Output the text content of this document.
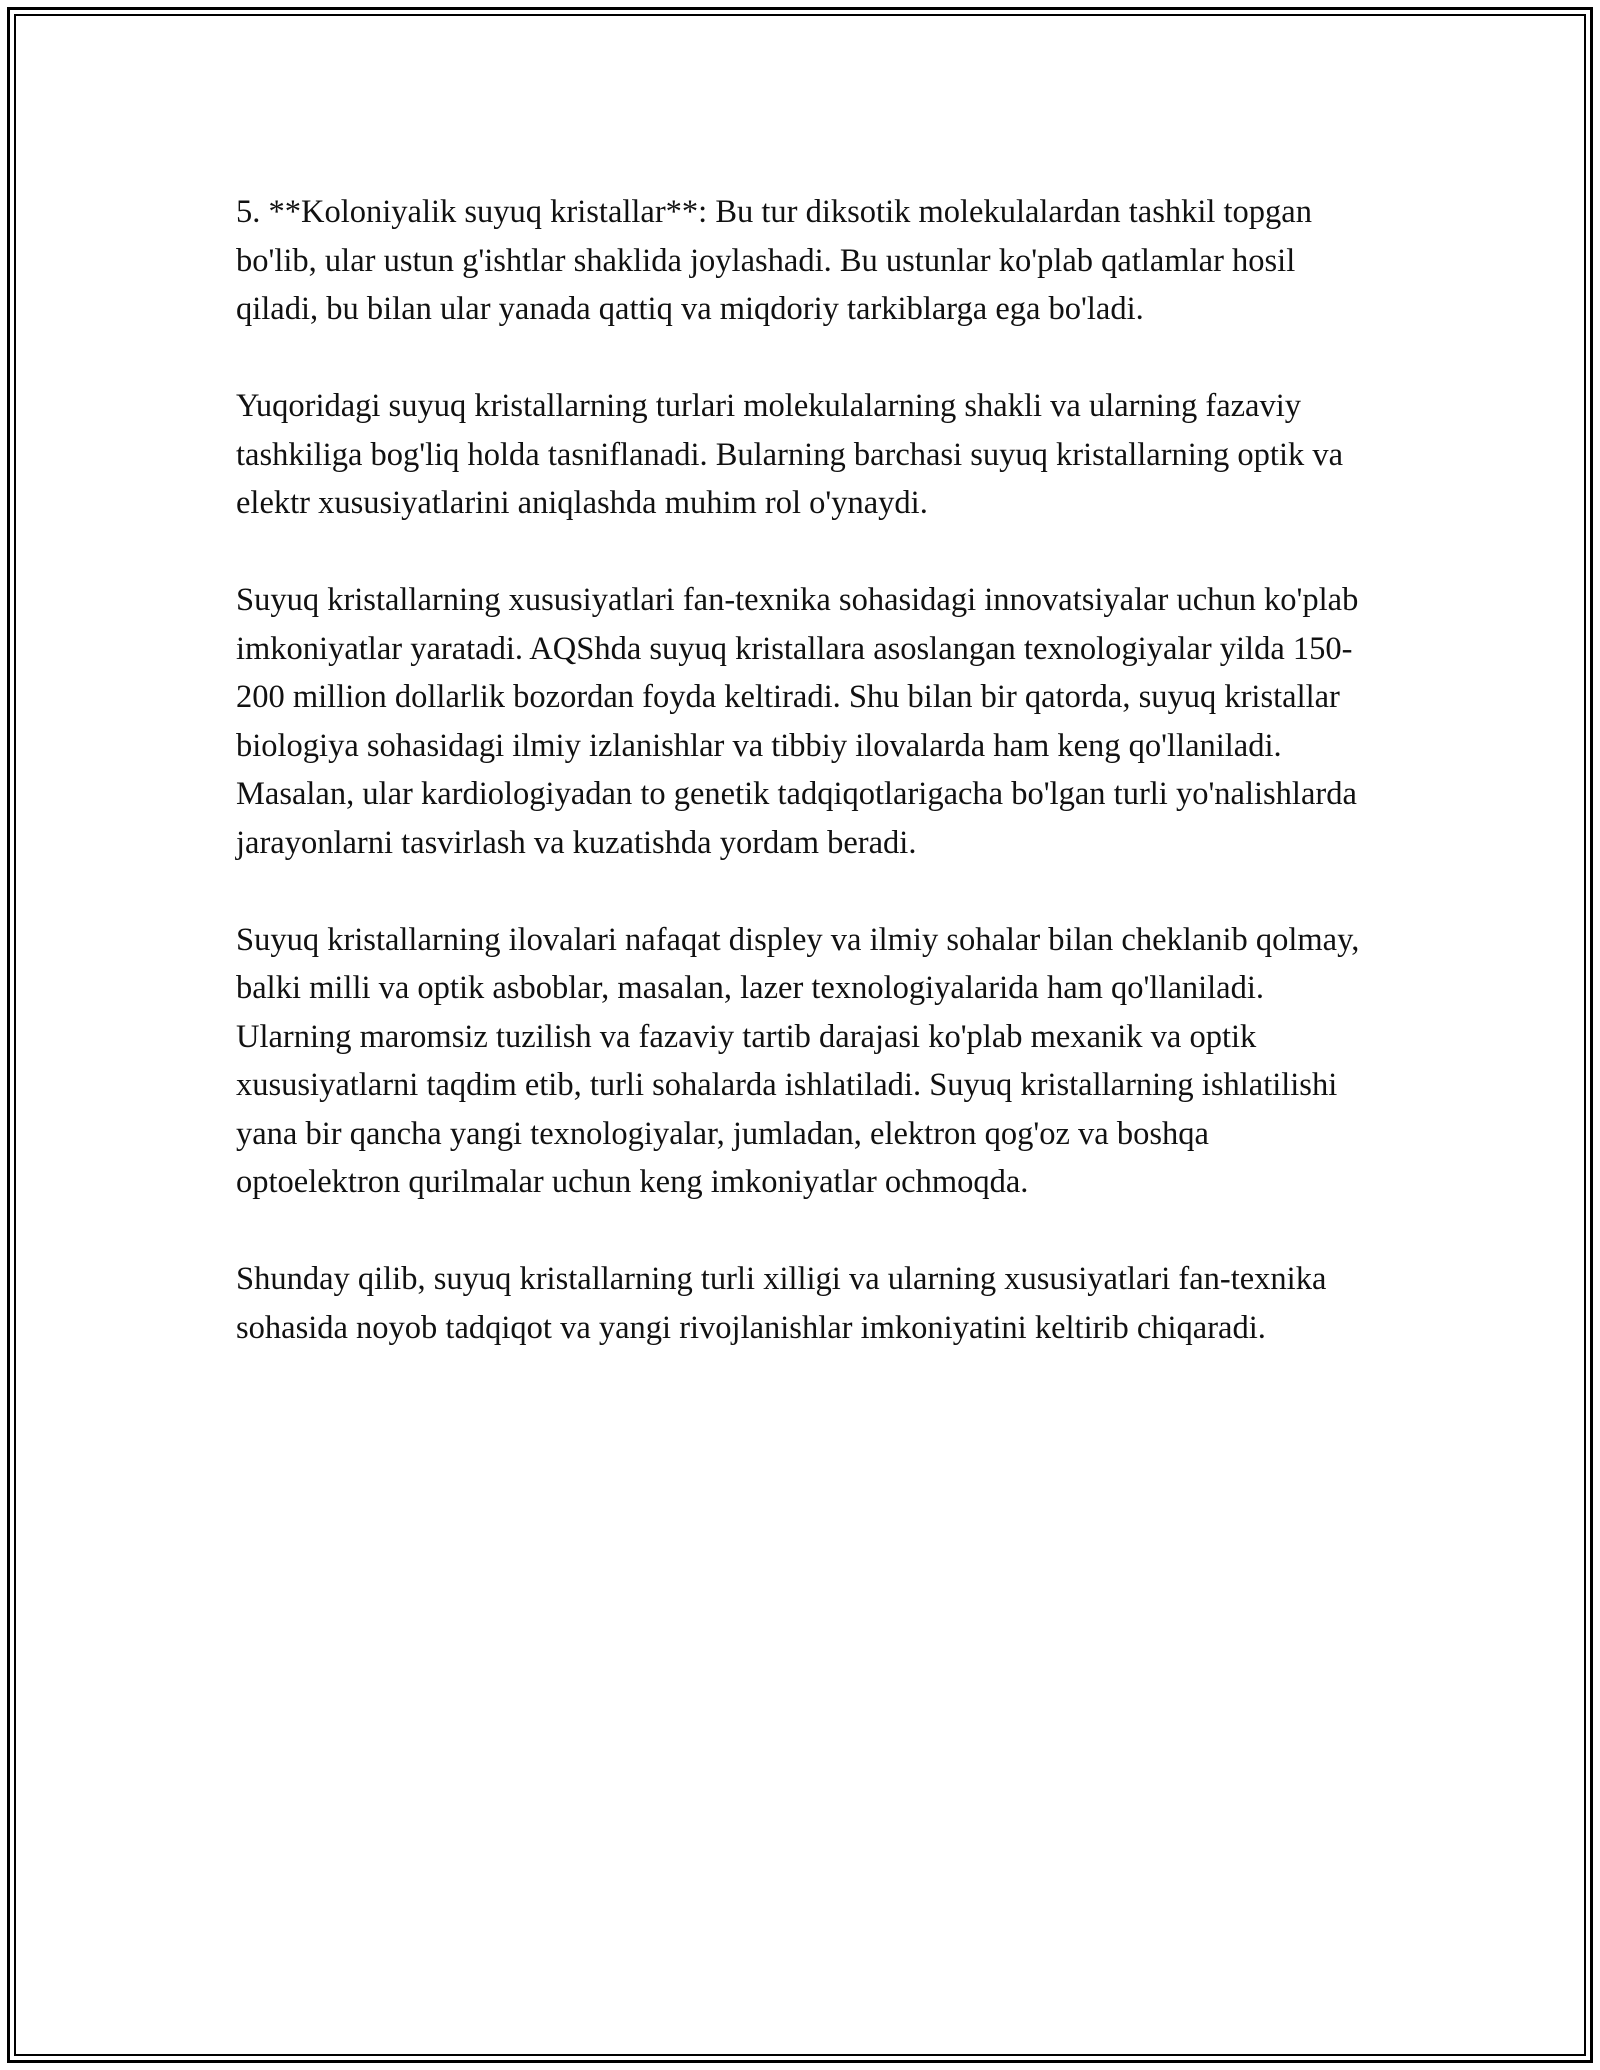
5. **Koloniyalik suyuq kristallar**: Bu tur diksotik molekulalardan tashkil topgan bo'lib, ular ustun g'ishtlar shaklida joylashadi. Bu ustunlar ko'plab qatlamlar hosil qiladi, bu bilan ular yanada qattiq va miqdoriy tarkiblarga ega bo'ladi.

Yuqoridagi suyuq kristallarning turlari molekulalarning shakli va ularning fazaviy tashkiliga bog'liq holda tasniflanadi. Bularning barchasi suyuq kristallarning optik va elektr xususiyatlarini aniqlashda muhim rol o'ynaydi.

Suyuq kristallarning xususiyatlari fan-texnika sohasidagi innovatsiyalar uchun ko'plab imkoniyatlar yaratadi. AQShda suyuq kristallara asoslangan texnologiyalar yilda 150-200 million dollarlik bozordan foyda keltiradi. Shu bilan bir qatorda, suyuq kristallar biologiya sohasidagi ilmiy izlanishlar va tibbiy ilovalarda ham keng qo'llaniladi. Masalan, ular kardiologiyadan to genetik tadqiqotlarigacha bo'lgan turli yo'nalishlarda jarayonlarni tasvirlash va kuzatishda yordam beradi.

Suyuq kristallarning ilovalari nafaqat displey va ilmiy sohalar bilan cheklanib qolmay, balki milli va optik asboblar, masalan, lazer texnologiyalarida ham qo'llaniladi. Ularning maromsiz tuzilish va fazaviy tartib darajasi ko'plab mexanik va optik xususiyatlarni taqdim etib, turli sohalarda ishlatiladi. Suyuq kristallarning ishlatilishi yana bir qancha yangi texnologiyalar, jumladan, elektron qog'oz va boshqa optoelektron qurilmalar uchun keng imkoniyatlar ochmoqda.

Shunday qilib, suyuq kristallarning turli xilligi va ularning xususiyatlari fan-texnika sohasida noyob tadqiqot va yangi rivojlanishlar imkoniyatini keltirib chiqaradi.
